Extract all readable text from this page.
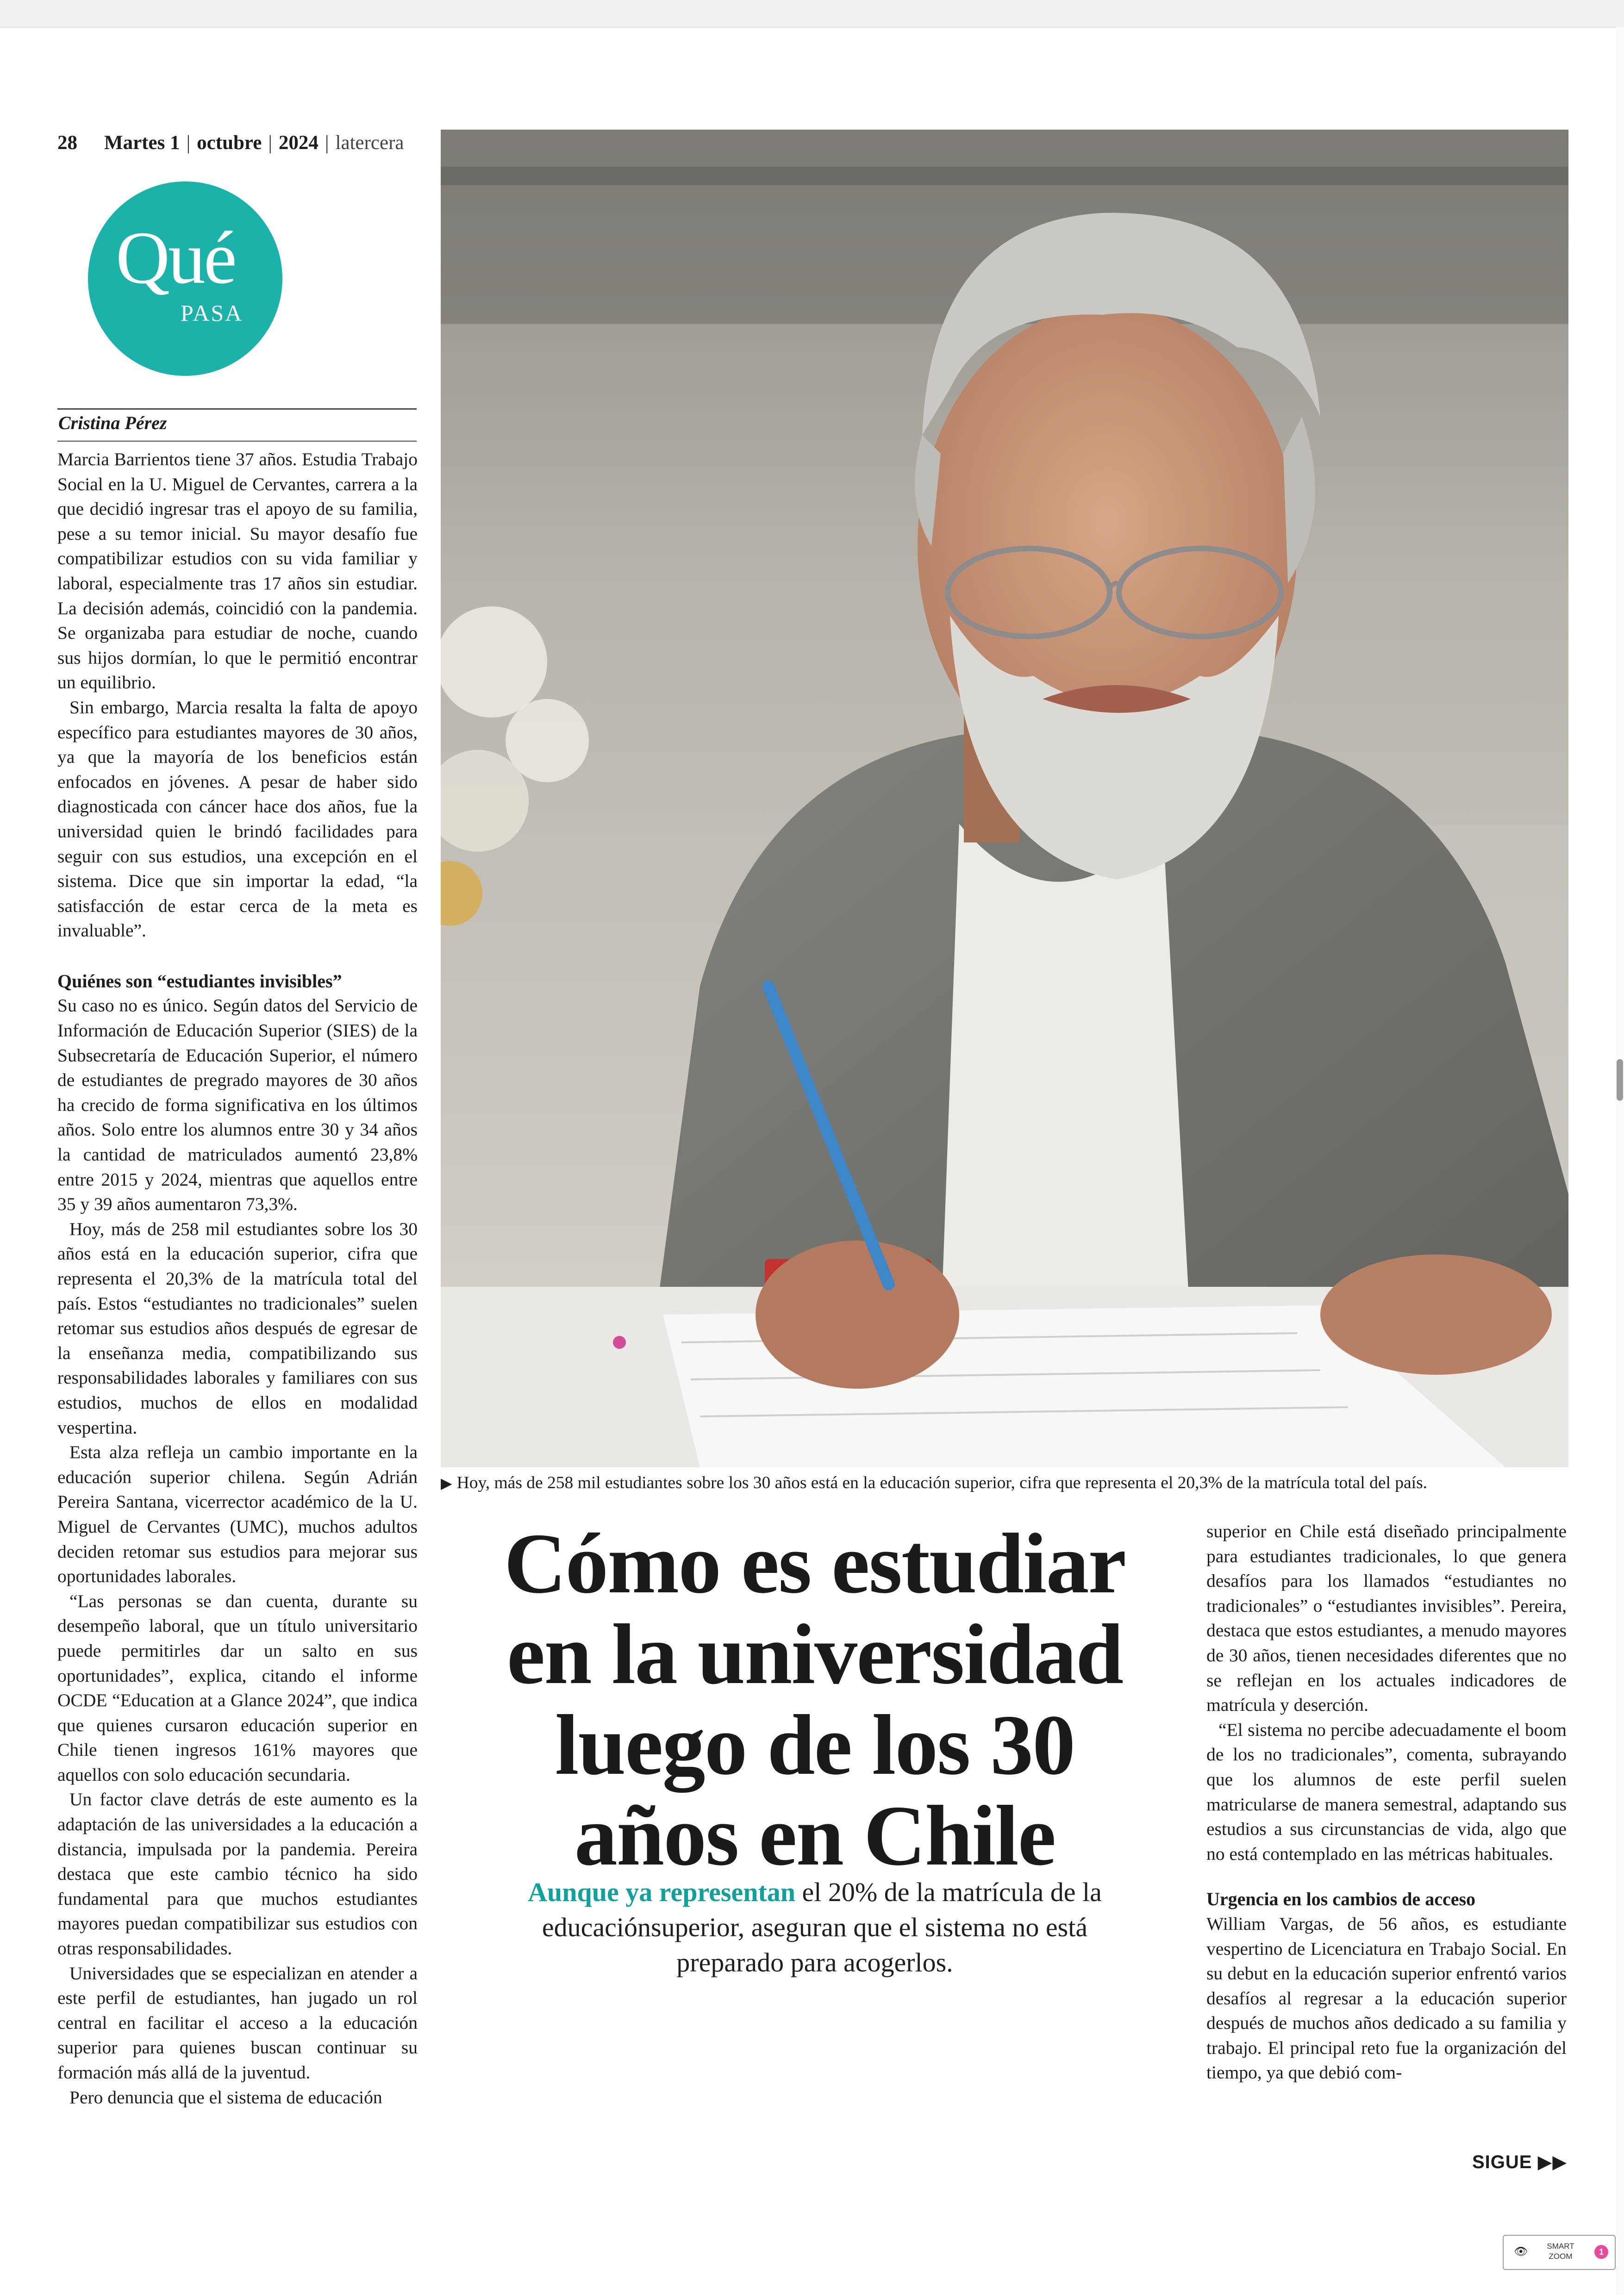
28 Martes 1 | octubre | 2024 | latercera
Qué
PASA
Cristina Pérez

Marcia Barrientos tiene 37 años. Estudia Trabajo Social en la U. Miguel de Cervantes, carrera a la que decidió ingresar tras el apoyo de su familia, pese a su temor inicial. Su mayor desafío fue compatibilizar estudios con su vida familiar y laboral, especialmente tras 17 años sin estudiar. La decisión además, coincidió con la pandemia. Se organizaba para estudiar de noche, cuando sus hijos dormían, lo que le permitió encontrar un equilibrio.

Sin embargo, Marcia resalta la falta de apoyo específico para estudiantes mayores de 30 años, ya que la mayoría de los beneficios están enfocados en jóvenes. A pesar de haber sido diagnosticada con cáncer hace dos años, fue la universidad quien le brindó facilidades para seguir con sus estudios, una excepción en el sistema. Dice que sin importar la edad, “la satisfacción de estar cerca de la meta es invaluable”.

Quiénes son “estudiantes invisibles”

Su caso no es único. Según datos del Servicio de Información de Educación Superior (SIES) de la Subsecretaría de Educación Superior, el número de estudiantes de pregrado mayores de 30 años ha crecido de forma significativa en los últimos años. Solo entre los alumnos entre 30 y 34 años la cantidad de matriculados aumentó 23,8% entre 2015 y 2024, mientras que aquellos entre 35 y 39 años aumentaron 73,3%.

Hoy, más de 258 mil estudiantes sobre los 30 años está en la educación superior, cifra que representa el 20,3% de la matrícula total del país. Estos “estudiantes no tradicionales” suelen retomar sus estudios años después de egresar de la enseñanza media, compatibilizando sus responsabilidades laborales y familiares con sus estudios, muchos de ellos en modalidad vespertina.

Esta alza refleja un cambio importante en la educación superior chilena. Según Adrián Pereira Santana, vicerrector académico de la U. Miguel de Cervantes (UMC), muchos adultos deciden retomar sus estudios para mejorar sus oportunidades laborales.

“Las personas se dan cuenta, durante su desempeño laboral, que un título universitario puede permitirles dar un salto en sus oportunidades”, explica, citando el informe OCDE “Education at a Glance 2024”, que indica que quienes cursaron educación superior en Chile tienen ingresos 161% mayores que aquellos con solo educación secundaria.

Un factor clave detrás de este aumento es la adaptación de las universidades a la educación a distancia, impulsada por la pandemia. Pereira destaca que este cambio técnico ha sido fundamental para que muchos estudiantes mayores puedan compatibilizar sus estudios con otras responsabilidades.

Universidades que se especializan en atender a este perfil de estudiantes, han jugado un rol central en facilitar el acceso a la educación superior para quienes buscan continuar su formación más allá de la juventud.

Pero denuncia que el sistema de educación

▶ Hoy, más de 258 mil estudiantes sobre los 30 años está en la educación superior, cifra que representa el 20,3% de la matrícula total del país.
Cómo es estudiar
en la universidad
luego de los 30
años en Chile
Aunque ya representan el 20% de la matrícula de la educaciónsuperior, aseguran que el sistema no está preparado para acogerlos.

superior en Chile está diseñado principalmente para estudiantes tradicionales, lo que genera desafíos para los llamados “estudiantes no tradicionales” o “estudiantes invisibles”. Pereira, destaca que estos estudiantes, a menudo mayores de 30 años, tienen necesidades diferentes que no se reflejan en los actuales indicadores de matrícula y deserción.

“El sistema no percibe adecuadamente el boom de los no tradicionales”, comenta, subrayando que los alumnos de este perfil suelen matricularse de manera semestral, adaptando sus estudios a sus circunstancias de vida, algo que no está contemplado en las métricas habituales.

Urgencia en los cambios de acceso

William Vargas, de 56 años, es estudiante vespertino de Licenciatura en Trabajo Social. En su debut en la educación superior enfrentó varios desafíos al regresar a la educación superior después de muchos años dedicado a su familia y trabajo. El principal reto fue la organización del tiempo, ya que debió com-

SIGUE ▶▶
👁	SMART
ZOOM	1
